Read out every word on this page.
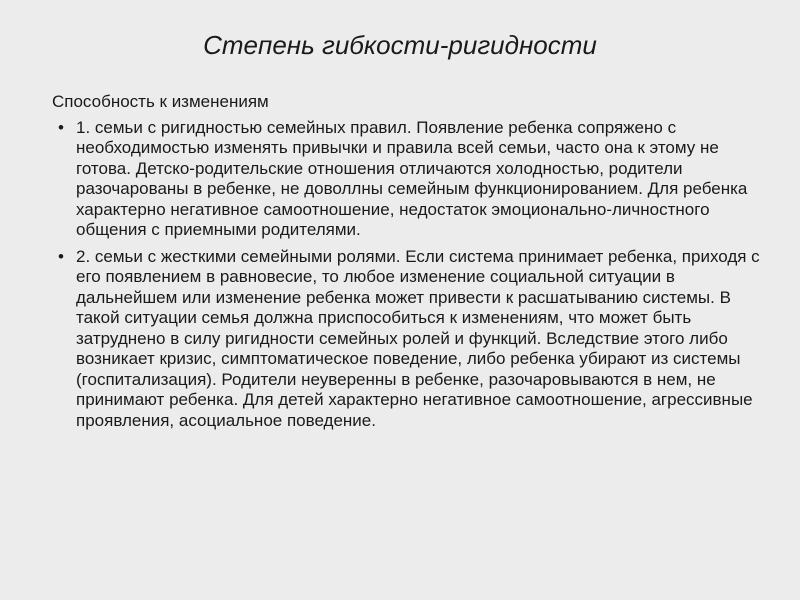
Степень гибкости-ригидности

Способность к изменениям

• 1. семьи с ригидностью семейных правил. Появление ребенка сопряжено с необходимостью изменять привычки и правила всей семьи, часто она к этому не готова. Детско-родительские отношения отличаются холодностью, родители разочарованы в ребенке, не доволлны семейным функционированием. Для ребенка характерно негативное самоотношение, недостаток эмоционально-личностного общения с приемными родителями.
• 2. семьи с жесткими семейными ролями. Если система принимает ребенка, приходя с его появлением в равновесие, то любое изменение социальной ситуации в дальнейшем или изменение ребенка может привести к расшатыванию системы. В такой ситуации семья должна приспособиться к изменениям, что может быть затруднено в силу ригидности семейных ролей и функций. Вследствие этого либо возникает кризис, симптоматическое поведение, либо ребенка убирают из системы (госпитализация). Родители неуверенны в ребенке, разочаровываются в нем, не принимают ребенка. Для детей характерно негативное самоотношение, агрессивные проявления, асоциальное поведение.
